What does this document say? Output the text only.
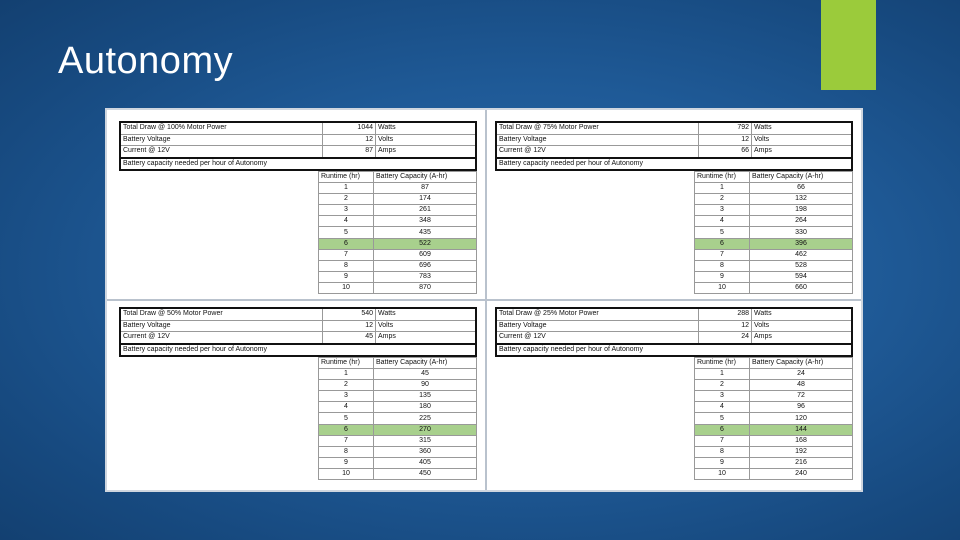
Autonomy
Total Draw @ 100% Motor Power	1044	Watts
Battery Voltage	12	Volts
Current @ 12V	87	Amps
Battery capacity needed per hour of Autonomy		
Runtime (hr)	Battery Capacity (A-hr)
1	87
2	174
3	261
4	348
5	435
6	522
7	609
8	696
9	783
10	870
Total Draw @ 75% Motor Power	792	Watts
Battery Voltage	12	Volts
Current @ 12V	66	Amps
Battery capacity needed per hour of Autonomy		
Runtime (hr)	Battery Capacity (A-hr)
1	66
2	132
3	198
4	264
5	330
6	396
7	462
8	528
9	594
10	660
Total Draw @ 50% Motor Power	540	Watts
Battery Voltage	12	Volts
Current @ 12V	45	Amps
Battery capacity needed per hour of Autonomy		
Runtime (hr)	Battery Capacity (A-hr)
1	45
2	90
3	135
4	180
5	225
6	270
7	315
8	360
9	405
10	450
Total Draw @ 25% Motor Power	288	Watts
Battery Voltage	12	Volts
Current @ 12V	24	Amps
Battery capacity needed per hour of Autonomy		
Runtime (hr)	Battery Capacity (A-hr)
1	24
2	48
3	72
4	96
5	120
6	144
7	168
8	192
9	216
10	240
